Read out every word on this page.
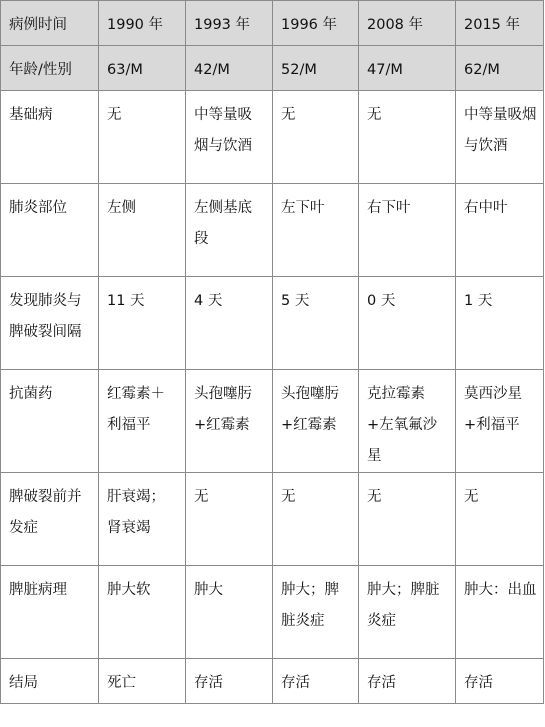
病例时间	1990 年	1993 年	1996 年	2008 年	2015 年
年龄/性别	63/M	42/M	52/M	47/M	62/M
基础病	无	中等量吸烟与饮酒	无	无	中等量吸烟与饮酒
肺炎部位	左侧	左侧基底段	左下叶	右下叶	右中叶
发现肺炎与脾破裂间隔	11 天	4 天	5 天	0 天	1 天
抗菌药	红霉素＋利福平	头孢噻肟+红霉素	头孢噻肟+红霉素	克拉霉素+左氧氟沙星	莫西沙星+利福平
脾破裂前并发症	肝衰竭；肾衰竭	无	无	无	无
脾脏病理	肿大软	肿大	肿大；脾脏炎症	肿大；脾脏炎症	肿大：出血
结局	死亡	存活	存活	存活	存活
